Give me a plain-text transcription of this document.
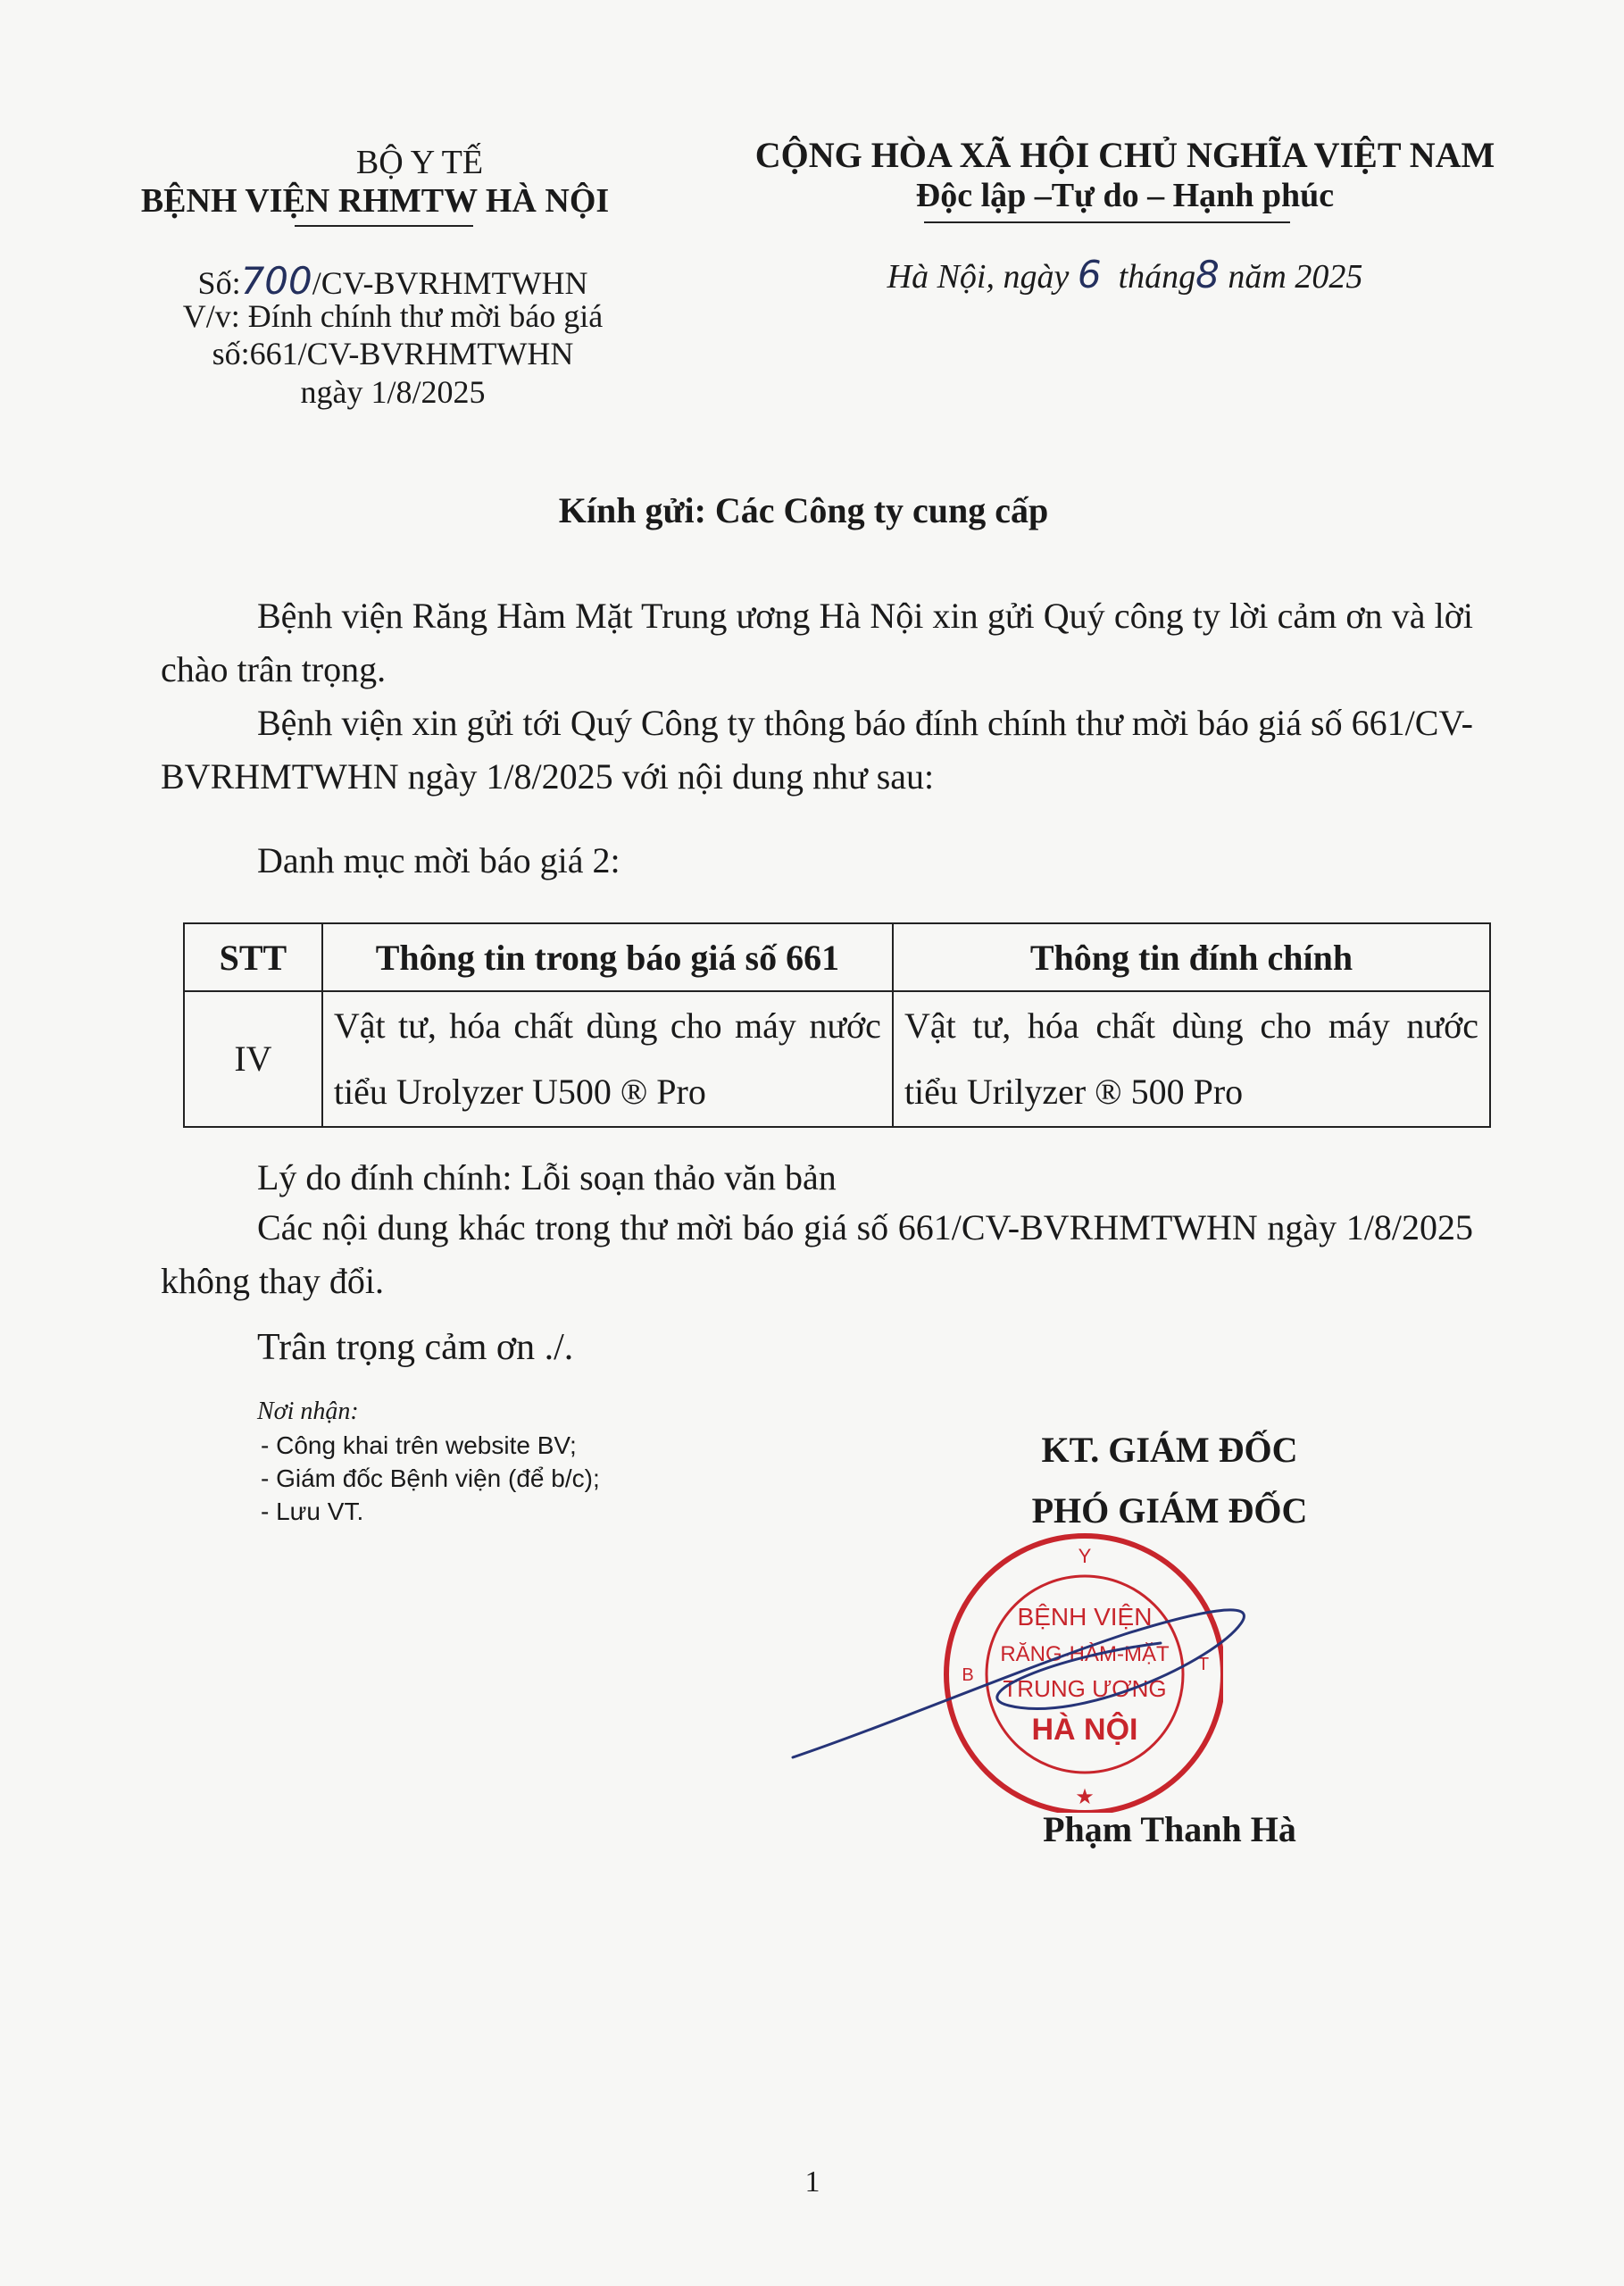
BỘ Y TẾ
BỆNH VIỆN RHMTW HÀ NỘI
Số:700/CV-BVRHMTWHN
V/v: Đính chính thư mời báo giá
số:661/CV-BVRHMTWHN
ngày 1/8/2025
CỘNG HÒA XÃ HỘI CHỦ NGHĨA VIỆT NAM
Độc lập –Tự do – Hạnh phúc
Hà Nội, ngày 6 tháng8 năm 2025
Kính gửi: Các Công ty cung cấp
Bệnh viện Răng Hàm Mặt Trung ương Hà Nội xin gửi Quý công ty lời cảm ơn và lời chào trân trọng.
Bệnh viện xin gửi tới Quý Công ty thông báo đính chính thư mời báo giá số 661/CV-BVRHMTWHN ngày 1/8/2025 với nội dung như sau:
Danh mục mời báo giá 2:
STT	Thông tin trong báo giá số 661	Thông tin đính chính
IV	Vật tư, hóa chất dùng cho máy nước tiểu Urolyzer U500 ® Pro	Vật tư, hóa chất dùng cho máy nước tiểu Urilyzer ® 500 Pro
Lý do đính chính: Lỗi soạn thảo văn bản
Các nội dung khác trong thư mời báo giá số 661/CV-BVRHMTWHN ngày 1/8/2025 không thay đổi.
Trân trọng cảm ơn ./.
Nơi nhận:
- Công khai trên website BV;
- Giám đốc Bệnh viện (để b/c);
- Lưu VT.
KT. GIÁM ĐỐC
PHÓ GIÁM ĐỐC
Y
B
T
BỆNH VIỆN
RĂNG-HÀM-MẶT
TRUNG ƯƠNG
HÀ NỘI
★
Phạm Thanh Hà
1
